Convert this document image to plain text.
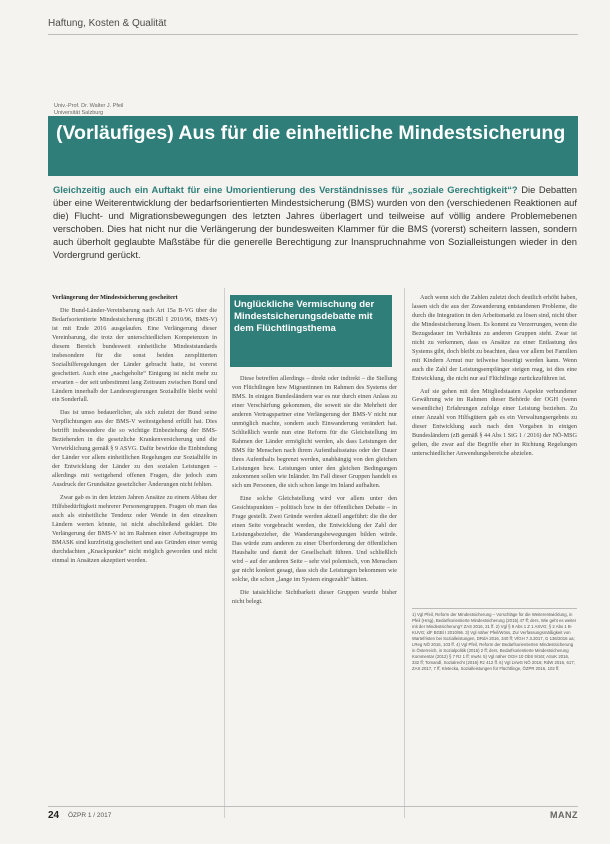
Haftung, Kosten & Qualität
Univ.-Prof. Dr. Walter J. Pfeil
Universität Salzburg
(Vorläufiges) Aus für die einheitliche Mindestsicherung
Gleichzeitig auch ein Auftakt für eine Umorientierung des Verständnisses für „soziale Gerechtigkeit“? Die Debatten über eine Weiterentwicklung der bedarfsorientierten Mindestsicherung (BMS) wurden von den (verschiedenen Reaktionen auf die) Flucht- und Migrationsbewegungen des letzten Jahres überlagert und teilweise auf völlig andere Problemebenen verschoben. Dies hat nicht nur die Verlängerung der bundesweiten Klammer für die BMS (vorerst) scheitern lassen, sondern auch überholt geglaubte Maßstäbe für die generelle Berechtigung zur Inanspruchnahme von Sozialleistungen wieder in den Vordergrund gerückt.

Verlängerung der Mindestsicherung gescheitert

Die Bund-Länder-Vereinbarung nach Art 15a B-VG über die Bedarfsorientierte Mindestsicherung (BGBl I 2010/96, BMS-V) ist mit Ende 2016 ausgelaufen. Eine Verlängerung dieser Vereinbarung, die trotz der unterschiedlichen Kompetenzen in diesem Bereich bundesweit einheitliche Mindeststandards insbesondere für die sonst beiden zersplitterten Sozialhilferegelungen der Länder gebracht hatte, ist vorerst gescheitert. Auch eine „nachgeholte“ Einigung ist nicht mehr zu erwarten – der seit unbestimmt lang Zeitraum zwischen Bund und Ländern innerhalb der Landesregierungen Sozialhilfe bleibt wohl ein Sonderfall.

Das ist umso bedauerlicher, als sich zuletzt der Bund seine Verpflichtungen aus der BMS-V weitestgehend erfüllt hat. Dies betrifft insbesondere die so wichtige Einbeziehung der BMS-Beziehenden in die gesetzliche Krankenversicherung und die Verwirklichung gemäß § 9 ASVG. Dafür bewirkte die Einbindung der Länder vor allem einheitlichen Regelungen zur Sozialhilfe in der Entwicklung der Länder zu den sozialen Leistungen – allerdings mit weitgehend offenen Fragen, die jedoch zum Ausdruck der Grundsätze gesetzlicher Änderungen nicht fehlten.

Zwar gab es in den letzten Jahren Ansätze zu einem Abbau der Hilfsbedürftigkeit mehrerer Personengruppen. Fragen ob man das auch als einheitliche Tendenz oder Wende in den einzelnen Ländern werten könnte, ist nicht abschließend geklärt. Die Verlängerung der BMS-V ist im Rahmen einer Arbeitsgruppe im BMASK sind kurzfristig gescheitert und aus Gründen einer wenig durchdachten „Knackpunkte“ nicht möglich geworden und nicht einmal in Ansätzen akzeptiert worden.

Unglückliche Vermischung der Mindestsicherungsdebatte mit dem Flüchtlingsthema

Diese betreffen allerdings – direkt oder indirekt – die Stellung von Flüchtlingen bzw Migrantinnen im Rahmen des Systems der BMS. In einigen Bundesländern war es nur durch einen Anlass zu einer Verschärfung gekommen, die soweit sie die Mehrheit der anderen Vertragspartner eine Verlängerung der BMS-V nicht nur unmöglich machte, sondern auch Einwanderung verändert hat. Schließlich wurde nun eine Reform für die Gleichstellung im Rahmen der Länder ermöglicht werden, als dass Leistungen der BMS für Menschen nach ihrem Aufenthaltsstatus oder der Dauer ihres Aufenthalts begrenzt werden, unabhängig von den gleichen Leistungen bzw. Leistungen unter den gleichen Bedingungen zukommen sollen wie Inländer. Im Fall dieser Gruppen handelt es sich um Personen, die sich schon lange im Inland aufhalten.

Eine solche Gleichstellung wird vor allem unter den Gesichtspunkten – politisch bzw in der öffentlichen Debatte – in Frage gestellt. Zwei Gründe werden aktuell angeführt: die die der einen Seite vorgebracht werden, die Entwicklung der Zahl der Leistungsbezieher, die Wanderungsbewegungen bilden würde. Das würde zum anderen zu einer Überforderung der öffentlichen Haushalte und damit der Gesellschaft führen. Und schließlich wird – auf der anderen Seite – sehr viel polemisch, von Menschen gar nicht konkret gesagt, dass sich die Leistungen bekommen wie solche, die schon „lange im System eingezahlt“ hätten.

Die tatsächliche Sichtbarkeit dieser Gruppen wurde bisher nicht belegt.

Auch wenn sich die Zahlen zuletzt doch deutlich erhöht haben, lassen sich die aus der Zuwanderung entstandenen Probleme, die durch die Integration in den Arbeitsmarkt zu lösen sind, nicht über die Mindestsicherung lösen. Es kommt zu Verzerrungen, wenn die Bezugsdauer im Verhältnis zu anderen Gruppen steht. Zwar ist nicht zu verkennen, dass es Ansätze zu einer Entlastung des Systems gibt, doch bleibt zu beachten, dass vor allem bei Familien mit Kindern Armut nur teilweise beseitigt werden kann. Wenn auch die Zahl der Leistungsempfänger steigen mag, ist dies eine Entwicklung, die nicht nur auf Flüchtlinge zurückzuführen ist.

Auf sie gehen mit den Mitgliedstaaten Aspekte verbundener Gewährung wie im Rahmen dieser Behörde der OGH (wenn wesentliche) Erfahrungen zufolge einer Leistung beziehen. Zu einer Anzahl von Hilfsgütern gab es ein Verwaltungsergebnis zu dieser Entwicklung auch nach den Vorgaben in einigen Bundesländern (zB gemäß § 44 Abs 1 StG 1 / 2016) der NÖ-MSG gelten, die zwar auf die Begriffe eher in Richtung Regelungen unterschiedlicher Anwendungsbereiche abzielen.

1) Vgl Pfeil, Reform der Mindestsicherung – Vorschläge für die Weiterentwicklung, in Pfeil (Hrsg), Bedarfsorientierte Mindestsicherung (2015) 47 ff; ders, Wie geht es weiter mit der Mindestsicherung? ZAS 2016, 21 ff. 2) Vgl § 9 Abs 1 Z 1 ASVG; § 2 Abs 1 B-KUVG; idF BGBl I 2010/96. 3) Vgl näher Pfeil/Wöss, Zur Verfassungsmäßigkeit von Wartefristen bei Sozialleistungen, DRdA 2016, 340 ff; VfGH 7.3.2017, G 136/2016 ua; LReg NÖ 2016, 103 ff. 4) Vgl Pfeil, Reform der Bedarfsorientierten Mindestsicherung in Österreich, in Sozialpolitik (2015) 2 ff; ders, Bedarfsorientierte Mindestsicherung Kommentar (2012) § 7 Rz 1 ff; mwN. 5) Vgl näher OGH 10 ObS 9/16t; ASoK 2016, 332 ff; Tomandl, Sozialrecht (2016) Rz 412 ff. 6) Vgl LVwG NÖ 2016; RdW 2016, 617; ZAS 2017, 7 ff; Kletecka, Sozialleistungen für Flüchtlinge, ÖZPR 2016, 102 ff.
24 ÖZPR 1 / 2017	MANZ
